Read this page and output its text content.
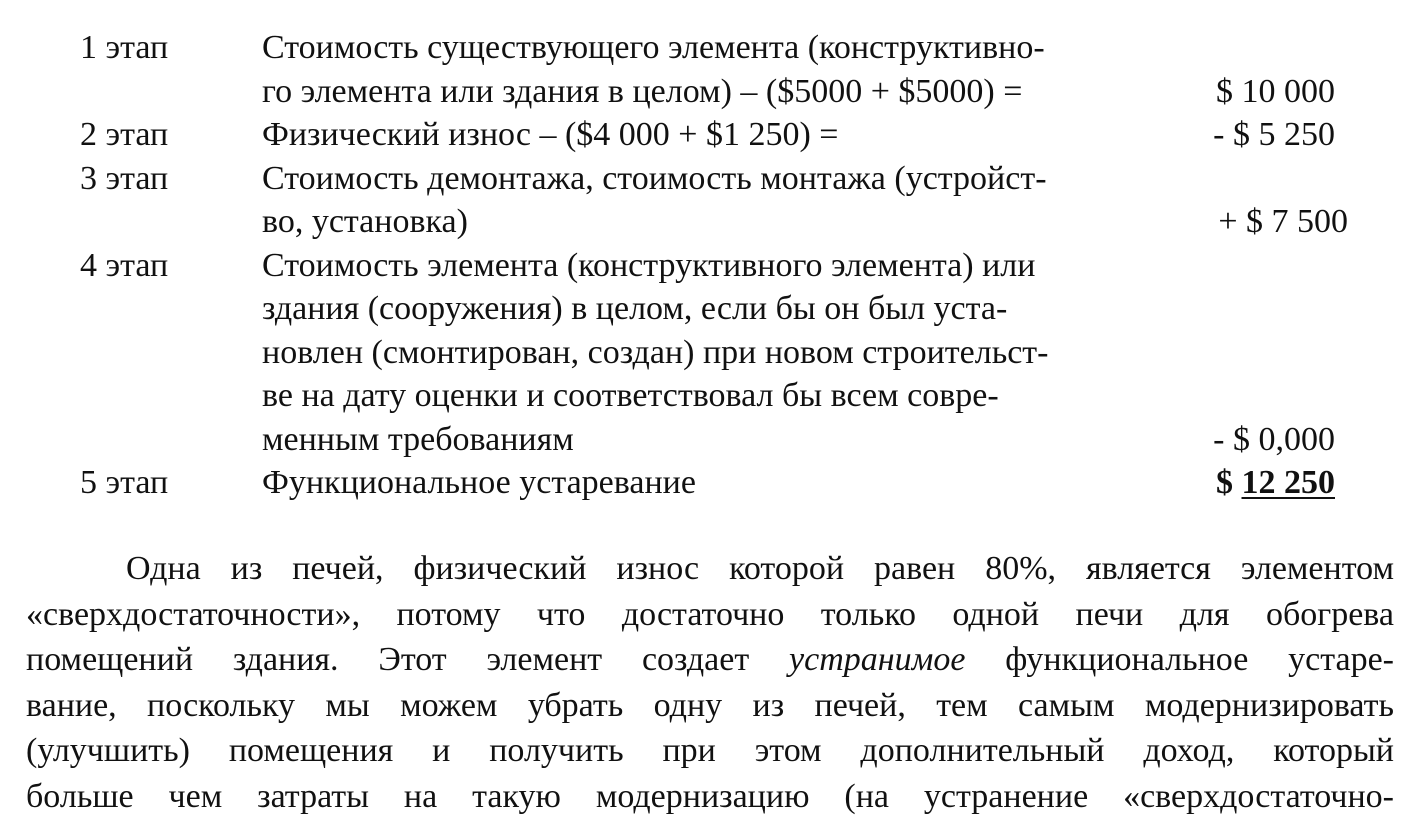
1 этап	Стоимость существующего элемента (конструктивно-
го элемента или здания в целом) – ($5000 + $5000) =	$ 10 000
2 этап	Физический износ – ($4 000 + $1 250) =	- $ 5 250
3 этап	Стоимость демонтажа, стоимость монтажа (устройст-
во, установка)	+ $ 7 500
4 этап	Стоимость элемента (конструктивного элемента) или
здания (сооружения) в целом, если бы он был уста-
новлен (смонтирован, создан) при новом строительст-
ве на дату оценки и соответствовал бы всем совре-
менным требованиям	- $ 0,000
5 этап	Функциональное устаревание	$ 12 250
Одна из печей, физический износ которой равен 80%, является элементом
«сверхдостаточности», потому что достаточно только одной печи для обогрева
помещений здания. Этот элемент создает устранимое функциональное устаре-
вание, поскольку мы можем убрать одну из печей, тем самым модернизировать
(улучшить) помещения и получить при этом дополнительный доход, который
больше чем затраты на такую модернизацию (на устранение «сверхдостаточно-
